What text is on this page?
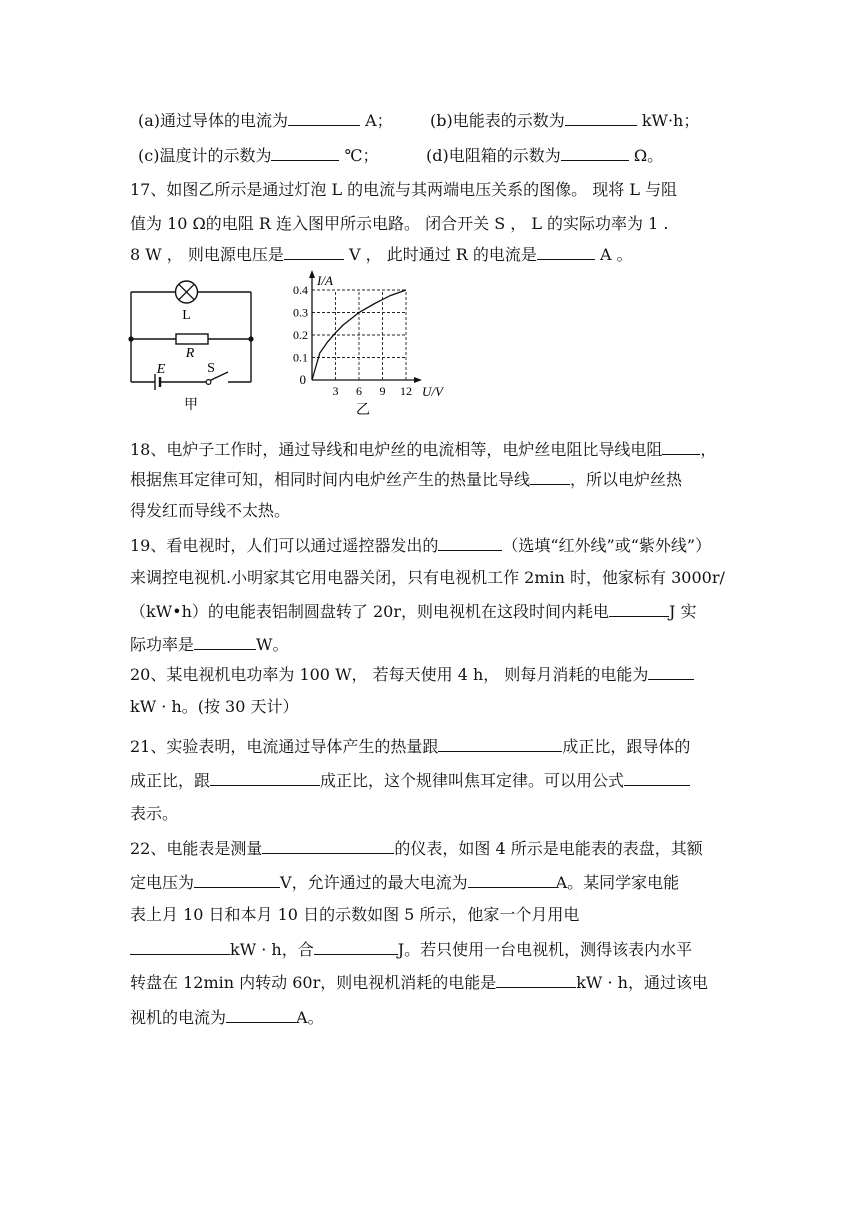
(a)通过导体的电流为	A； (b)电能表的示数为	kW·h；
(c)温度计的示数为	℃；	(d)电阻箱的示数为	Ω。
17、如图乙所示是通过灯泡 L 的电流与其两端电压关系的图像。 现将 L 与阻
值为 10 Ω的电阻 R 连入图甲所示电路。 闭合开关 S ， L 的实际功率为 1 .
8 W ， 则电源电压是	V ， 此时通过 R 的电流是	A 。
L
R
E	S
甲
I/A
U/V
0
0.1
0.2
0.3
0.4
3 6 9 12
乙
18、电炉子工作时，通过导线和电炉丝的电流相等，电炉丝电阻比导线电阻 ，
根据焦耳定律可知，相同时间内电炉丝产生的热量比导线	，所以电炉丝热
得发红而导线不太热。
19、看电视时，人们可以通过遥控器发出的	（选填“红外线”或“紫外线”）
来调控电视机.小明家其它用电器关闭，只有电视机工作 2min 时，他家标有 3000r/
（kW•h）的电能表铝制圆盘转了 20r，则电视机在这段时间内耗电	J 实
际功率是	W。
20、某电视机电功率为 100 W， 若每天使用 4 h， 则每月消耗的电能为
kW · h。(按 30 天计）
21、实验表明，电流通过导体产生的热量跟	成正比，跟导体的
成正比，跟	成正比，这个规律叫焦耳定律。可以用公式
表示。
22、电能表是测量	的仪表，如图 4 所示是电能表的表盘，其额
定电压为	V，允许通过的最大电流为	A。某同学家电能
表上月 10 日和本月 10 日的示数如图 5 所示，他家一个月用电
kW · h，合	J。若只使用一台电视机，测得该表内水平
转盘在 12min 内转动 60r，则电视机消耗的电能是	kW · h，通过该电
视机的电流为	A。
